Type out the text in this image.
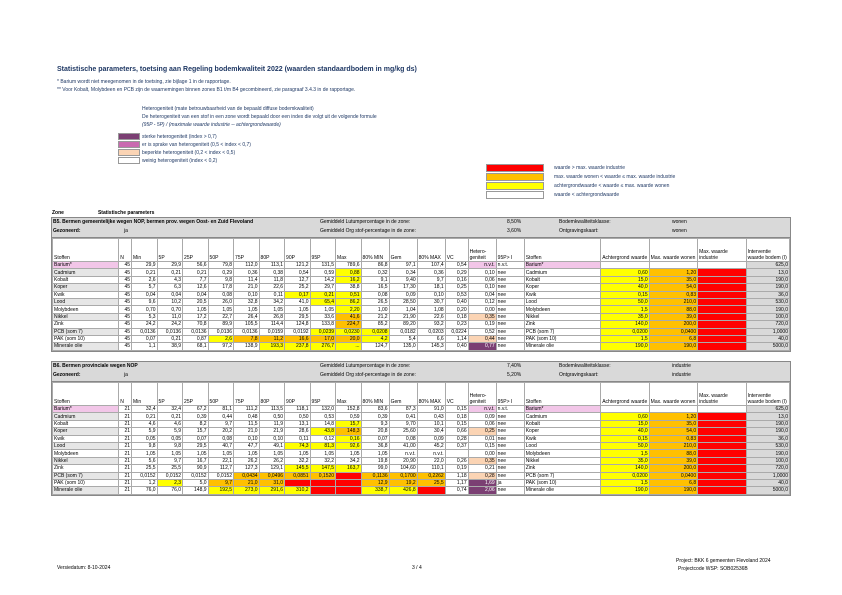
Statistische parameters, toetsing aan Regeling bodemkwaliteit 2022 (waarden standaardbodem in mg/kg ds)
* Barium wordt niet meegenomen in de toetsing, zie bijlage 1 in de rapportage.
** Voor Kobalt, Molybdeen en PCB zijn de waarnemingen binnen zones B1 t/m B4 gecombineerd, zie paragraaf 3.4.3 in de rapportage.
Heterogeniteit (mate betrouwbaarheid van de bepaald diffuse bodemkwaliteit)
De heterogeniteit van een stof in een zone wordt bepaald door een index die volgt uit de volgende formule
(95P - 5P) / (maximale waarde industrie -- achtergrondwaarde)
sterke heterogeniteit (index > 0,7)
er is sprake van heterogeniteit (0,5 < index < 0,7)
beperkte heterogeniteit (0,2 < index < 0,5)
weinig heterogeniteit (index < 0,2)
waarde > max. waarde industrie
max. waarde wonen < waarde ≤ max. waarde industrie
achtergrondwaarde < waarde ≤ max. waarde wonen
waarde < achtergrondwaarde
Zone	Statistische parameters
B5. Bermen gemeentelijke wegen NOP, bermen prov. wegen Oost- en Zuid Flevoland
Gezoneerd:	ja
Gemiddeld Lutumpercentage in de zone:	8,50%
Gemiddeld Org stof-percentage in de zone:	3,60%
Bodemkwaliteitsklasse:	wonen
Ontgravingskaart:	wonen
Stoffen	N	Min	5P	25P	50P	75P	80P	90P	95P	Max	80% MIN	Gem	80% MAX	VC	Hetero-geniteit	95P> I	Stoffen	Achtergrond waarde	Max. waarde wonen	Max. waarde industrie	Interventie waarde bodem (I)
Barium*	45	29,9	29,9	56,6	79,8	112,0	113,1	121,2	131,5	789,6	86,8	97,1	107,4	0,54	n.v.t.	n.v.t.	Barium*				625,0
Cadmium	45	0,21	0,21	0,21	0,29	0,36	0,38	0,54	0,59	0,88	0,32	0,34	0,36	0,29	0,10	nee	Cadmium	0,60	1,20	4,30	13,0
Kobalt	45	2,6	4,3	7,7	9,8	11,4	11,8	12,7	14,2	16,2	9,1	9,40	9,7	0,16	0,06	nee	Kobalt	15,0	35,0	190,0	190,0
Koper	45	5,7	6,3	12,6	17,8	21,0	22,6	25,2	29,7	38,8	16,5	17,30	18,1	0,25	0,10	nee	Koper	40,0	54,0	190,0	190,0
Kwik	45	0,04	0,04	0,04	0,08	0,10	0,11	0,17	0,21	0,51	0,08	0,09	0,10	0,53	0,04	nee	Kwik	0,15	0,83	4,80	36,0
Lood	45	9,6	10,2	20,5	26,0	32,8	34,2	41,0	65,4	86,2	26,5	28,50	30,7	0,40	0,12	nee	Lood	50,0	210,0	530,0	530,0
Molybdeen	45	0,70	0,70	1,05	1,05	1,05	1,05	1,05	1,05	2,20	1,00	1,04	1,08	0,20	0,00	nee	Molybdeen	1,5	88,0	190,0	190,0
Nikkel	45	5,3	11,0	17,2	22,7	26,4	26,8	29,5	33,6	41,6	21,2	21,90	22,6	0,18	0,35	nee	Nikkel	35,0	39,0	100,0	100,0
Zink	45	24,2	24,2	70,8	89,9	105,5	114,4	124,8	133,8	224,7	85,2	89,20	93,2	0,23	0,19	nee	Zink	140,0	200,0	720,0	720,0
PCB (som 7)	45	0,0136	0,0136	0,0136	0,0136	0,0136	0,0159	0,0192	0,0239	0,0230	0,0208	0,0182	0,0203	0,0224	0,52	nee	PCB (som 7)	0,0200	0,0400	0,5000	1,0000
PAK (som 10)	45	0,07	0,21	0,87	2,6	7,8	11,2	16,6	17,0	20,0	4,2	5,4	6,6	1,14	0,44	nee	PAK (som 10)	1,5	6,8	40,0	40,0
Minerale olie	45	1,1	38,9	68,1	97,2	138,9	193,3	237,8	276,7	...	124,7	135,0	145,3	0,40	0,77	nee	Minerale olie	190,0	190,0	500,0	5000,0
B6. Bermen provinciale wegen NOP
Gezoneerd:	ja
Gemiddeld Lutumpercentage in de zone:	7,40%
Gemiddeld Org stof-percentage in de zone:	5,20%
Bodemkwaliteitsklasse:	industrie
Ontgravingskaart:	industrie
Stoffen	N	Min	5P	25P	50P	75P	80P	90P	95P	Max	80% MIN	Gem	80% MAX	VC	Hetero-geniteit	95P> I	Stoffen	Achtergrond waarde	Max. waarde wonen	Max. waarde industrie	Interventie waarde bodem (I)
Barium*	21	32,4	32,4	67,2	81,1	111,2	113,5	118,1	132,0	152,8	83,6	87,3	91,0	0,15	n.v.t.	n.v.t.	Barium*				625,0
Cadmium	21	0,21	0,21	0,39	0,44	0,48	0,50	0,50	0,53	0,59	0,39	0,41	0,43	0,18	0,09	nee	Cadmium	0,60	1,20	4,30	13,0
Kobalt	21	4,6	4,6	8,2	9,7	11,5	11,9	13,1	14,8	15,7	9,3	9,70	10,1	0,15	0,06	nee	Kobalt	15,0	35,0	190,0	190,0
Koper	21	5,9	5,9	15,7	20,2	21,0	21,9	28,6	43,8	148,3	20,8	25,60	30,4	0,66	0,25	nee	Koper	40,0	54,0	190,0	190,0
Kwik	21	0,05	0,05	0,07	0,08	0,10	0,10	0,11	0,12	0,16	0,07	0,08	0,09	0,28	0,01	nee	Kwik	0,15	0,83	4,80	36,0
Lood	21	9,8	9,8	29,5	40,7	47,7	49,1	74,3	81,3	92,6	36,8	41,00	45,2	0,37	0,15	nee	Lood	50,0	210,0	530,0	530,0
Molybdeen	21	1,05	1,05	1,05	1,05	1,05	1,05	1,05	1,05	1,05	1,05	n.v.t.	n.v.t.		0,00	nee	Molybdeen	1,5	88,0	190,0	190,0
Nikkel	21	5,6	9,7	16,7	22,1	26,2	26,2	32,2	32,2	34,2	19,8	20,90	22,0	0,26	0,35	nee	Nikkel	35,0	39,0	100,0	100,0
Zink	21	25,5	25,5	90,9	112,7	127,3	129,1	145,5	147,5	163,7	99,0	104,60	110,1	0,19	0,21	nee	Zink	140,0	200,0	720,0	720,0
PCB (som 7)	21	0,0152	0,0152	0,0152	0,0152	0,0434	0,0496	0,0851	0,1520	1,4668	0,1136	0,1700	0,2262	1,18	0,28	nee	PCB (som 7)	0,0200	0,0400	0,5000	1,0000
PAK (som 10)	21	1,2	2,3	5,0	9,7	21,0	31,0	38,0	67,0	76,6	12,9	19,2	25,5	1,17	1,69	ja	PAK (som 10)	1,5	6,8	40,0	40,0
Minerale olie	21	76,0	76,0	148,9	192,5	273,0	291,6	310,2	712,5	...	338,7	426,8	514,9	0,74	2,06	nee	Minerale olie	190,0	190,0	500,0	5000,0
Versiedatum: 8-10-2024	3 / 4
Project: BKK 6 gemeenten Flevoland 2024
Projectcode WSP: SOB02536B
